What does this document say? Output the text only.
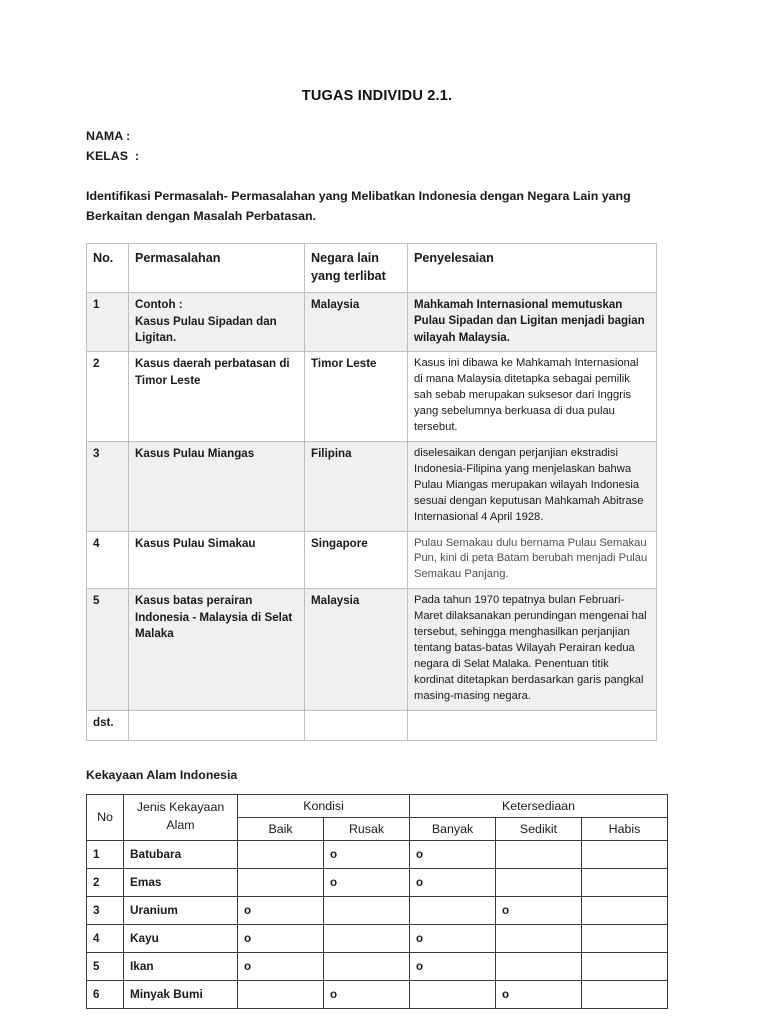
TUGAS INDIVIDU 2.1.
NAMA :
KELAS  :
Identifikasi Permasalah- Permasalahan yang Melibatkan Indonesia dengan Negara Lain yang Berkaitan dengan Masalah Perbatasan.
No.	Permasalahan	Negara lain yang terlibat	Penyelesaian
1	Contoh :
Kasus Pulau Sipadan dan Ligitan.	Malaysia	Mahkamah Internasional memutuskan Pulau Sipadan dan Ligitan menjadi bagian wilayah Malaysia.
2	Kasus daerah perbatasan di Timor Leste	Timor Leste	Kasus ini dibawa ke Mahkamah Internasional di mana Malaysia ditetapka sebagai pemilik sah sebab merupakan suksesor dari Inggris yang sebelumnya berkuasa di dua pulau tersebut.
3	Kasus Pulau Miangas	Filipina	diselesaikan dengan perjanjian ekstradisi Indonesia-Filipina yang menjelaskan bahwa Pulau Miangas merupakan wilayah Indonesia sesuai dengan keputusan Mahkamah Abitrase Internasional 4 April 1928.
4	Kasus Pulau Simakau	Singapore	Pulau Semakau dulu bernama Pulau Semakau Pun, kini di peta Batam berubah menjadi Pulau Semakau Panjang.
5	Kasus batas perairan Indonesia - Malaysia di Selat Malaka	Malaysia	Pada tahun 1970 tepatnya bulan Februari-Maret dilaksanakan perundingan mengenai hal tersebut, sehingga menghasilkan perjanjian tentang batas-batas Wilayah Perairan kedua negara di Selat Malaka. Penentuan titik kordinat ditetapkan berdasarkan garis pangkal masing-masing negara.
dst.			
Kekayaan Alam Indonesia
No	Jenis Kekayaan Alam	Kondisi		Ketersediaan		
		Baik	Rusak	Banyak	Sedikit	Habis
1	Batubara		o	o		
2	Emas		o	o		
3	Uranium	o			o	
4	Kayu	o		o		
5	Ikan	o		o		
6	Minyak Bumi		o		o	
